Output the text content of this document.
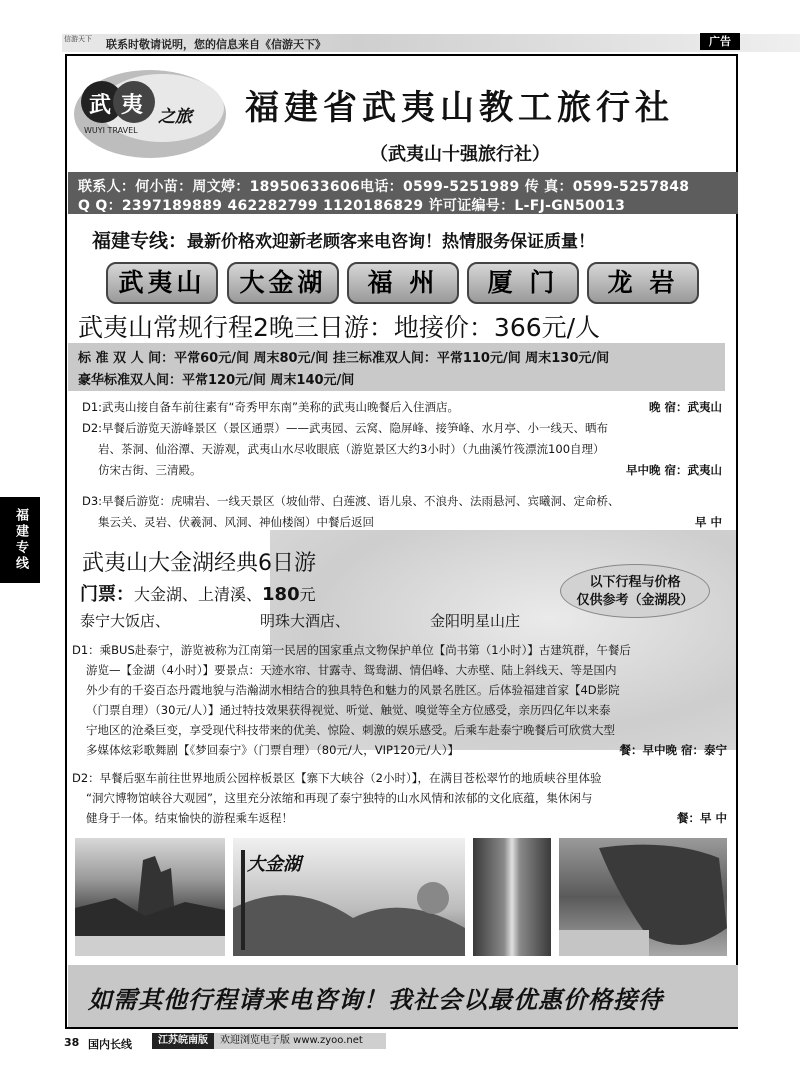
信游天下	联系时敬请说明，您的信息来自《信游天下》	广告
武 夷 之旅
WUYI TRAVEL
福建省武夷山教工旅行社
（武夷山十强旅行社）
联系人：何小苗：周文婷：18950633606电话：0599-5251989 传 真：0599-5257848
Q Q：2397189889 462282799 1120186829 许可证编号：L-FJ-GN50013
福建专线：最新价格欢迎新老顾客来电咨询！热情服务保证质量！
武夷山	大金湖	福 州	厦 门	龙 岩
武夷山常规行程2晚三日游：地接价：366元/人
标 准 双 人 间：平常60元/间 周末80元/间 挂三标准双人间：平常110元/间 周末130元/间
豪华标准双人间：平常120元/间 周末140元/间
D1:武夷山接自备车前往素有“奇秀甲东南”美称的武夷山晚餐后入住酒店。	晚 宿：武夷山
D2:早餐后游览天游峰景区（景区通票）——武夷园、云窝、隐屏峰、接笋峰、水月亭、小一线天、晒布
岩、茶洞、仙浴潭、天游观，武夷山水尽收眼底（游览景区大约3小时）（九曲溪竹筏漂流100自理）
仿宋古街、三清殿。	早中晚 宿：武夷山
D3:早餐后游览：虎啸岩、一线天景区（坡仙带、白莲渡、语儿泉、不浪舟、法雨悬河、宾曦洞、定命桥、
集云关、灵岩、伏羲洞、风洞、神仙楼阁）中餐后返回	早 中
福建专线	武夷山大金湖经典6日游
门票：大金湖、上清溪、180元
泰宁大饭店、	明珠大酒店、	金阳明星山庄
以下行程与价格
仅供参考（金湖段）
D1：乘BUS赴泰宁，游览被称为江南第一民居的国家重点文物保护单位【尚书第（1小时）】古建筑群，午餐后
游览—【金湖（4小时）】要景点：天迹水帘、甘露寺、鸳鸯湖、情侣峰、大赤壁、陆上斜线天、等是国内
外少有的千姿百态丹霞地貌与浩瀚湖水相结合的独具特色和魅力的风景名胜区。后体验福建首家【4D影院
（门票自理）（30元/人）】通过特技效果获得视觉、听觉、触觉、嗅觉等全方位感受，亲历四亿年以来泰
宁地区的沧桑巨变，享受现代科技带来的优美、惊险、刺激的娱乐感受。后乘车赴泰宁晚餐后可欣赏大型
多媒体炫彩歌舞剧【《梦回泰宁》（门票自理）（80元/人，VIP120元/人）】	餐：早中晚 宿：泰宁
D2：早餐后驱车前往世界地质公园梓板景区【寨下大峡谷（2小时）】，在满目苍松翠竹的地质峡谷里体验
“洞穴博物馆峡谷大观园”，这里充分浓缩和再现了泰宁独特的山水风情和浓郁的文化底蕴，集休闲与
健身于一体。结束愉快的游程乘车返程！	餐：早 中
大金湖
如需其他行程请来电咨询！我社会以最优惠价格接待
38 国内长线	江苏皖南版	欢迎浏览电子版 www.zyoo.net
